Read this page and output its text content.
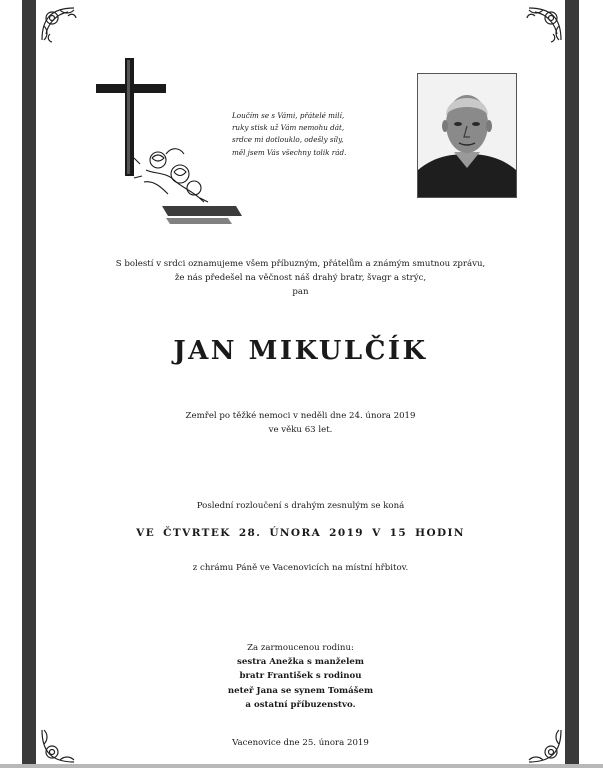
Loučím se s Vámi, přátelé milí,
ruky stisk už Vám nemohu dát,
srdce mi dotlouklo, odešly síly,
měl jsem Vás všechny tolik rád.
S bolestí v srdci oznamujeme všem příbuzným, přátelům a známým smutnou zprávu,
že nás předešel na věčnost náš drahý bratr, švagr a strýc,
pan
JAN MIKULČÍK
Zemřel po těžké nemoci v neděli dne 24. února 2019
ve věku 63 let.
Poslední rozloučení s drahým zesnulým se koná
VE ČTVRTEK 28. ÚNORA 2019 V 15 HODIN
z chrámu Páně ve Vacenovicích na místní hřbitov.
Za zarmoucenou rodinu:
sestra Anežka s manželem
bratr František s rodinou
neteř Jana se synem Tomášem
a ostatní příbuzenstvo.
Vacenovice dne 25. února 2019
